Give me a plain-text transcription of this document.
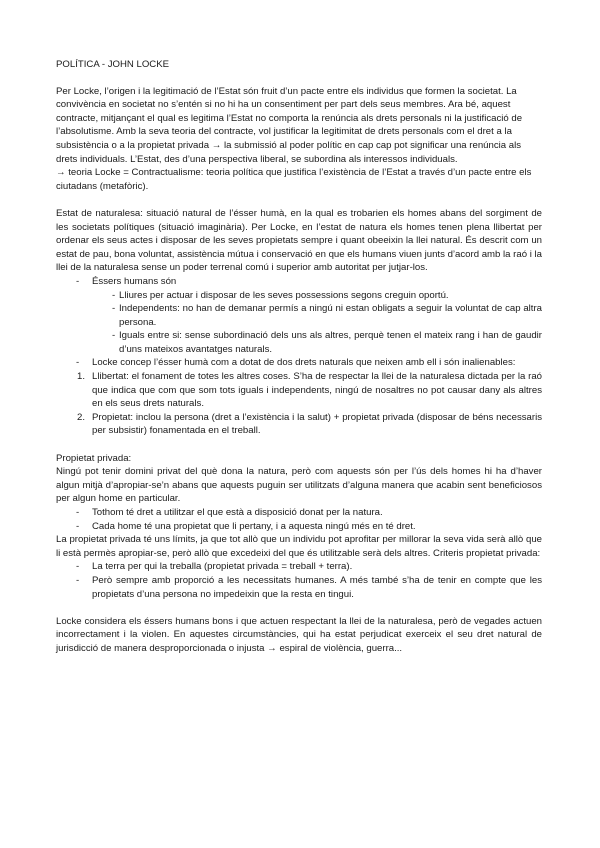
POLÍTICA - JOHN LOCKE

Per Locke, l’origen i la legitimació de l’Estat són fruit d’un pacte entre els individus que formen la societat. La convivència en societat no s’entén si no hi ha un consentiment per part dels seus membres. Ara bé, aquest contracte, mitjançant el qual es legitima l’Estat no comporta la renúncia als drets personals ni la justificació de l’absolutisme. Amb la seva teoria del contracte, vol justificar la legitimitat de drets personals com el dret a la subsistència o a la propietat privada → la submissió al poder polític en cap cap pot significar una renúncia als drets individuals. L’Estat, des d’una perspectiva liberal, se subordina als interessos individuals.

→ teoria Locke = Contractualisme: teoria política que justifica l’existència de l’Estat a través d’un pacte entre els ciutadans (metafòric).

Estat de naturalesa: situació natural de l’ésser humà, en la qual es trobarien els homes abans del sorgiment de les societats polítiques (situació imaginària). Per Locke, en l’estat de natura els homes tenen plena llibertat per ordenar els seus actes i disposar de les seves propietats sempre i quant obeeixin la llei natural. És descrit com un estat de pau, bona voluntat, assistència mútua i conservació en que els humans viuen junts d’acord amb la raó i la llei de la naturalesa sense un poder terrenal comú i superior amb autoritat per jutjar-los.

- Éssers humans són
- Lliures per actuar i disposar de les seves possessions segons creguin oportú.
- Independents: no han de demanar permís a ningú ni estan obligats a seguir la voluntat de cap altra persona.
- Iguals entre si: sense subordinació dels uns als altres, perquè tenen el mateix rang i han de gaudir d’uns mateixos avantatges naturals.
- Locke concep l’ésser humà com a dotat de dos drets naturals que neixen amb ell i són inalienables:
1. Llibertat: el fonament de totes les altres coses. S’ha de respectar la llei de la naturalesa dictada per la raó que indica que com que som tots iguals i independents, ningú de nosaltres no pot causar dany als altres en els seus drets naturals.
2. Propietat: inclou la persona (dret a l’existència i la salut) + propietat privada (disposar de béns necessaris per subsistir) fonamentada en el treball.

Propietat privada:

Ningú pot tenir domini privat del què dona la natura, però com aquests són per l’ús dels homes hi ha d’haver algun mitjà d’apropiar-se’n abans que aquests puguin ser utilitzats d’alguna manera que acabin sent beneficiosos per algun home en particular.

- Tothom té dret a utilitzar el que està a disposició donat per la natura.
- Cada home té una propietat que li pertany, i a aquesta ningú més en té dret.

La propietat privada té uns límits, ja que tot allò que un individu pot aprofitar per millorar la seva vida serà allò que li està permès apropiar-se, però allò que excedeixi del que és utilitzable serà dels altres. Criteris propietat privada:

- La terra per qui la treballa (propietat privada = treball + terra).
- Però sempre amb proporció a les necessitats humanes. A més també s’ha de tenir en compte que les propietats d’una persona no impedeixin que la resta en tingui.

Locke considera els éssers humans bons i que actuen respectant la llei de la naturalesa, però de vegades actuen incorrectament i la violen. En aquestes circumstàncies, qui ha estat perjudicat exerceix el seu dret natural de jurisdicció de manera desproporcionada o injusta → espiral de violència, guerra...
